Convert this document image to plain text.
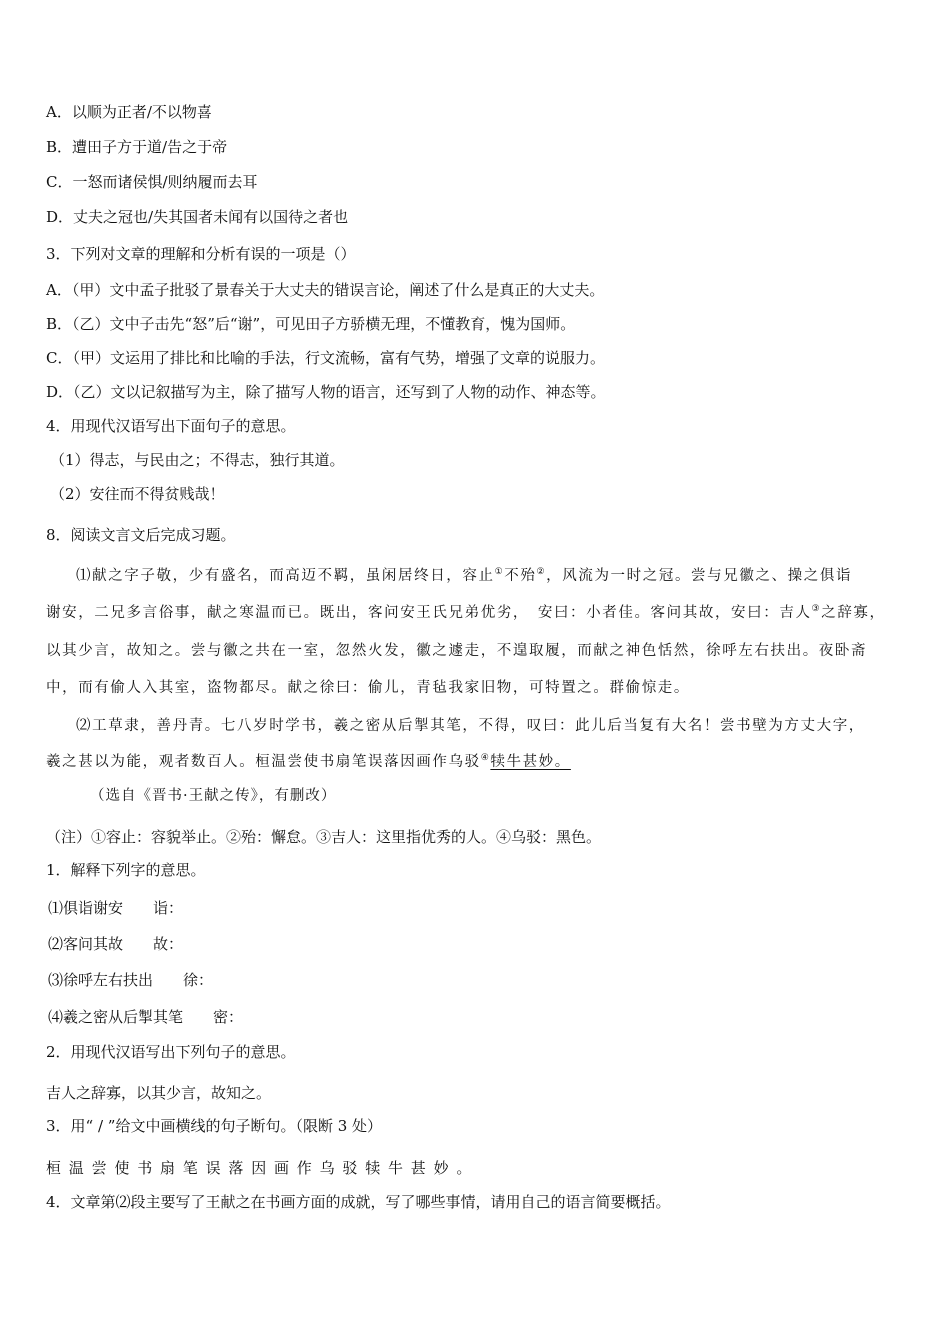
A．以顺为正者/不以物喜
B．遭田子方于道/告之于帝
C．一怒而诸侯惧/则纳履而去耳
D．丈夫之冠也/失其国者未闻有以国待之者也
3．下列对文章的理解和分析有误的一项是（）
A．（甲）文中孟子批驳了景春关于大丈夫的错误言论，阐述了什么是真正的大丈夫。
B．（乙）文中子击先“怒”后“谢”，可见田子方骄横无理，不懂教育，愧为国师。
C．（甲）文运用了排比和比喻的手法，行文流畅，富有气势，增强了文章的说服力。
D．（乙）文以记叙描写为主，除了描写人物的语言，还写到了人物的动作、神态等。
4．用现代汉语写出下面句子的意思。
（1）得志，与民由之；不得志，独行其道。
（2）安往而不得贫贱哉！
8．阅读文言文后完成习题。
⑴献之字子敬，少有盛名，而高迈不羁，虽闲居终日，容止①不殆②，风流为一时之冠。尝与兄徽之、操之俱诣
谢安，二兄多言俗事，献之寒温而已。既出，客问安王氏兄弟优劣，　安曰：小者佳。客问其故，安曰：吉人③之辞寡，
以其少言，故知之。尝与徽之共在一室，忽然火发，徽之遽走，不遑取履，而献之神色恬然，徐呼左右扶出。夜卧斋
中，而有偷人入其室，盗物都尽。献之徐曰：偷儿，青毡我家旧物，可特置之。群偷惊走。
⑵工草隶，善丹青。七八岁时学书，羲之密从后掣其笔，不得，叹曰：此儿后当复有大名！尝书壁为方丈大字，
羲之甚以为能，观者数百人。桓温尝使书扇笔误落因画作乌驳④犊牛甚妙。
（选自《晋书·王献之传》，有删改）
（注）①容止：容貌举止。②殆：懈怠。③吉人：这里指优秀的人。④乌驳：黑色。
1．解释下列字的意思。
⑴俱诣谢安　　诣：
⑵客问其故　　故：
⑶徐呼左右扶出　　徐：
⑷羲之密从后掣其笔　　密：
2．用现代汉语写出下列句子的意思。
吉人之辞寡，以其少言，故知之。
3．用“ / ”给文中画横线的句子断句。（限断 3 处）
桓温尝使书扇笔误落因画作乌驳犊牛甚妙。
4．文章第⑵段主要写了王献之在书画方面的成就，写了哪些事情，请用自己的语言简要概括。
